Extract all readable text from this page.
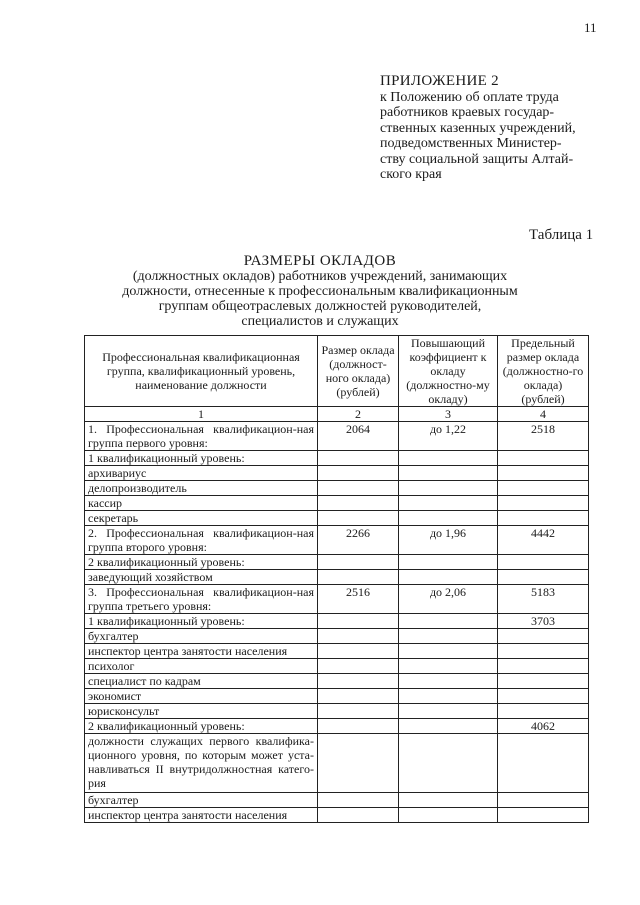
11
ПРИЛОЖЕНИЕ 2
к Положению об оплате труда
работников краевых государ-
ственных казенных учреждений,
подведомственных Министер-
ству социальной защиты Алтай-
ского края
Таблица 1
РАЗМЕРЫ ОКЛАДОВ
(должностных окладов) работников учреждений, занимающих
должности, отнесенные к профессиональным квалификационным
группам общеотраслевых должностей руководителей,
специалистов и служащих
Профессиональная квалификационная группа, квалификационный уровень, наименование должности	Размер оклада (должност-ного оклада) (рублей)	Повышающий коэффициент к окладу (должностно-му окладу)	Предельный размер оклада (должностно-го оклада) (рублей)
1	2	3	4
1. Профессиональная квалификацион-ная группа первого уровня:	2064	до 1,22	2518
1 квалификационный уровень:			
архивариус			
делопроизводитель			
кассир			
секретарь			
2. Профессиональная квалификацион-ная группа второго уровня:	2266	до 1,96	4442
2 квалификационный уровень:			
заведующий хозяйством			
3. Профессиональная квалификацион-ная группа третьего уровня:	2516	до 2,06	5183
1 квалификационный уровень:			3703
бухгалтер			
инспектор центра занятости населения			
психолог			
специалист по кадрам			
экономист			
юрисконсульт			
2 квалификационный уровень:			4062
должности служащих первого квалифика-ционного уровня, по которым может уста-навливаться II внутридолжностная катего-рия			
бухгалтер			
инспектор центра занятости населения			
